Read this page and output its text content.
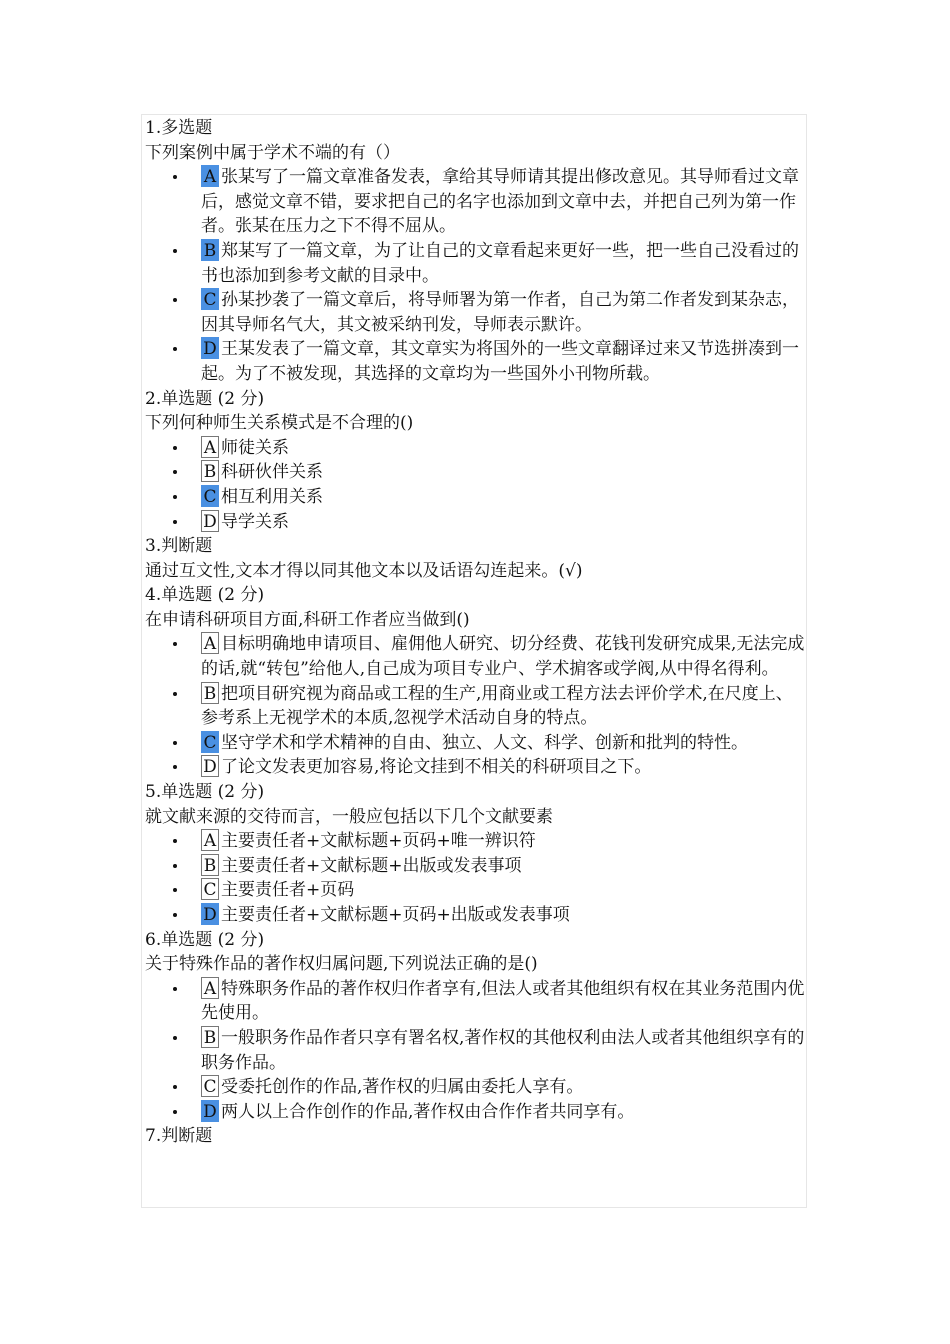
1.多选题
下列案例中属于学术不端的有（）
A 张某写了一篇文章准备发表，拿给其导师请其提出修改意见。其导师看过文章后，感觉文章不错，要求把自己的名字也添加到文章中去，并把自己列为第一作者。张某在压力之下不得不屈从。
B 郑某写了一篇文章，为了让自己的文章看起来更好一些，把一些自己没看过的书也添加到参考文献的目录中。
C 孙某抄袭了一篇文章后，将导师署为第一作者，自己为第二作者发到某杂志，因其导师名气大，其文被采纳刊发，导师表示默许。
D 王某发表了一篇文章，其文章实为将国外的一些文章翻译过来又节选拼凑到一起。为了不被发现，其选择的文章均为一些国外小刊物所载。
2.单选题 (2 分)
下列何种师生关系模式是不合理的()
A 师徒关系
B 科研伙伴关系
C 相互利用关系
D 导学关系
3.判断题
通过互文性,文本才得以同其他文本以及话语勾连起来。(√)
4.单选题 (2 分)
在申请科研项目方面,科研工作者应当做到()
A 目标明确地申请项目、雇佣他人研究、切分经费、花钱刊发研究成果,无法完成的话,就“转包”给他人,自己成为项目专业户、学术掮客或学阀,从中得名得利。
B 把项目研究视为商品或工程的生产,用商业或工程方法去评价学术,在尺度上、参考系上无视学术的本质,忽视学术活动自身的特点。
C 坚守学术和学术精神的自由、独立、人文、科学、创新和批判的特性。
D 了论文发表更加容易,将论文挂到不相关的科研项目之下。
5.单选题 (2 分)
就文献来源的交待而言，一般应包括以下几个文献要素
A 主要责任者+文献标题+页码+唯一辨识符
B 主要责任者+文献标题+出版或发表事项
C 主要责任者+页码
D 主要责任者+文献标题+页码+出版或发表事项
6.单选题 (2 分)
关于特殊作品的著作权归属问题,下列说法正确的是()
A 特殊职务作品的著作权归作者享有,但法人或者其他组织有权在其业务范围内优先使用。
B 一般职务作品作者只享有署名权,著作权的其他权利由法人或者其他组织享有的职务作品。
C 受委托创作的作品,著作权的归属由委托人享有。
D 两人以上合作创作的作品,著作权由合作作者共同享有。
7.判断题
